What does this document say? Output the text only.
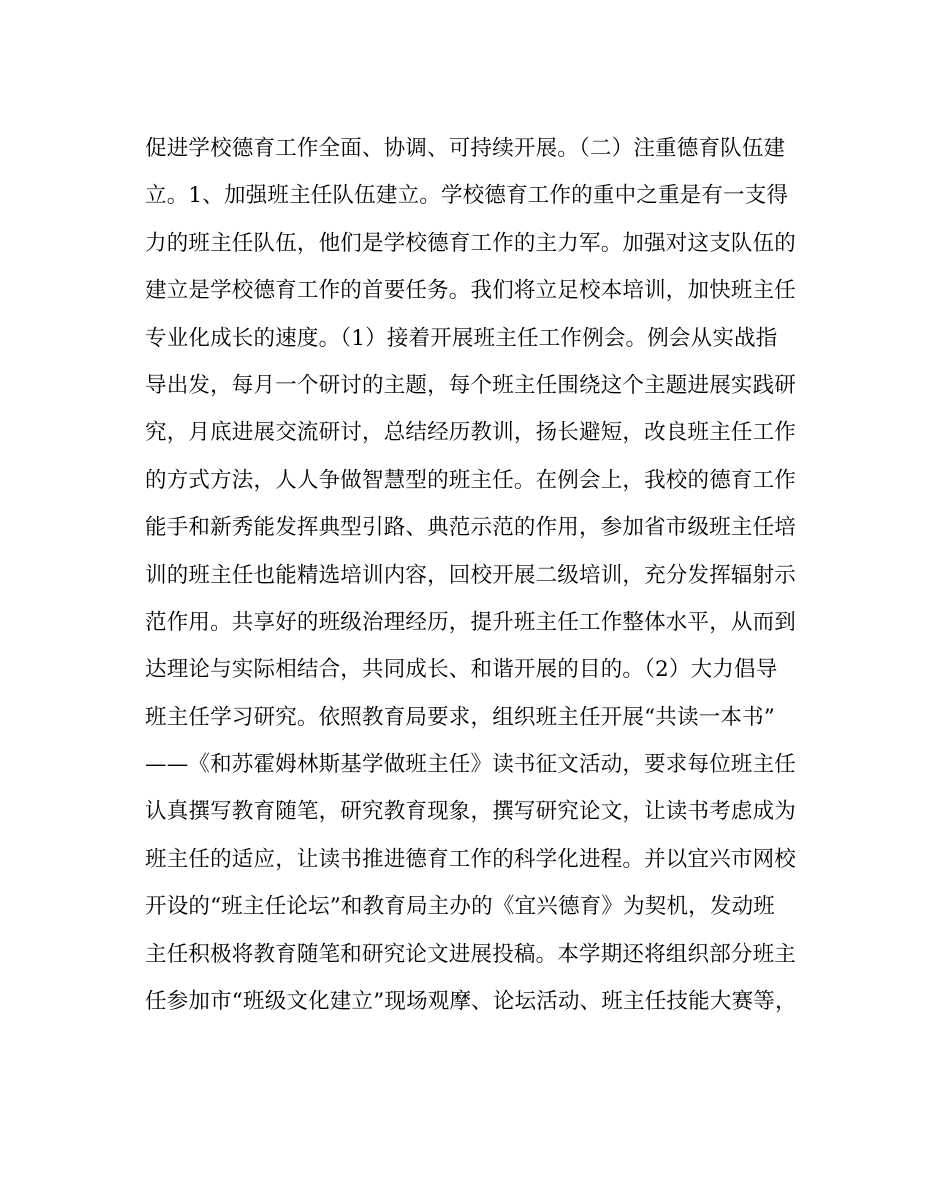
促进学校德育工作全面、协调、可持续开展。（二）注重德育队伍建
立。1、加强班主任队伍建立。学校德育工作的重中之重是有一支得
力的班主任队伍，他们是学校德育工作的主力军。加强对这支队伍的
建立是学校德育工作的首要任务。我们将立足校本培训，加快班主任
专业化成长的速度。（1）接着开展班主任工作例会。例会从实战指
导出发，每月一个研讨的主题，每个班主任围绕这个主题进展实践研
究，月底进展交流研讨，总结经历教训，扬长避短，改良班主任工作
的方式方法，人人争做智慧型的班主任。在例会上，我校的德育工作
能手和新秀能发挥典型引路、典范示范的作用，参加省市级班主任培
训的班主任也能精选培训内容，回校开展二级培训，充分发挥辐射示
范作用。共享好的班级治理经历，提升班主任工作整体水平，从而到
达理论与实际相结合，共同成长、和谐开展的目的。（2）大力倡导
班主任学习研究。依照教育局要求，组织班主任开展“共读一本书”
——《和苏霍姆林斯基学做班主任》读书征文活动，要求每位班主任
认真撰写教育随笔，研究教育现象，撰写研究论文，让读书考虑成为
班主任的适应，让读书推进德育工作的科学化进程。并以宜兴市网校
开设的“班主任论坛”和教育局主办的《宜兴德育》为契机，发动班
主任积极将教育随笔和研究论文进展投稿。本学期还将组织部分班主
任参加市“班级文化建立”现场观摩、论坛活动、班主任技能大赛等，
